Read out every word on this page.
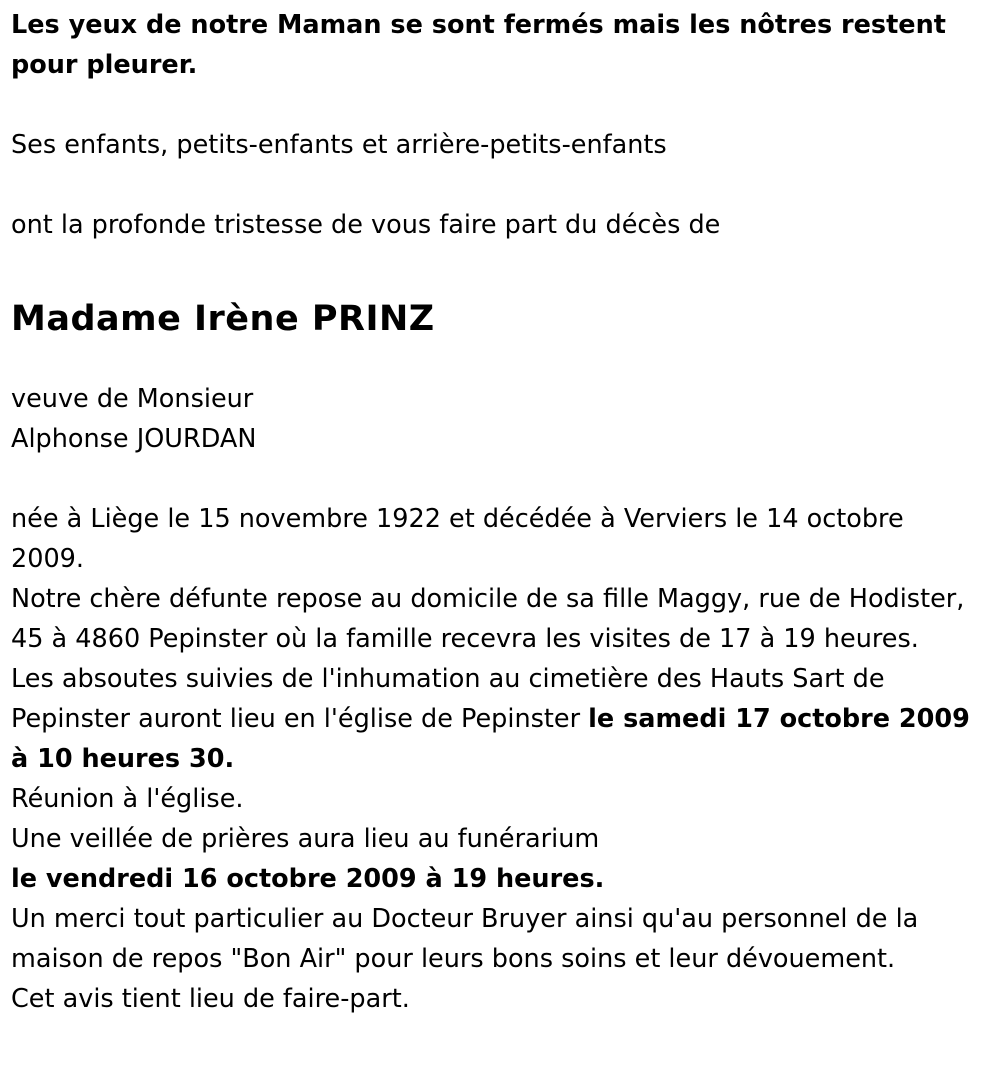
Les yeux de notre Maman se sont fermés mais les nôtres restent pour pleurer.

Ses enfants, petits-enfants et arrière-petits-enfants

ont la profonde tristesse de vous faire part du décès de

Madame Irène PRINZ

veuve de Monsieur

Alphonse JOURDAN

née à Liège le 15 novembre 1922 et décédée à Verviers le 14 octobre 2009.

Notre chère défunte repose au domicile de sa fille Maggy, rue de Hodister, 45 à 4860 Pepinster où la famille recevra les visites de 17 à 19 heures.

Les absoutes suivies de l'inhumation au cimetière des Hauts Sart de Pepinster auront lieu en l'église de Pepinster le samedi 17 octobre 2009 à 10 heures 30.

Réunion à l'église.

Une veillée de prières aura lieu au funérarium

le vendredi 16 octobre 2009 à 19 heures.

Un merci tout particulier au Docteur Bruyer ainsi qu'au personnel de la maison de repos "Bon Air" pour leurs bons soins et leur dévouement.

Cet avis tient lieu de faire-part.
